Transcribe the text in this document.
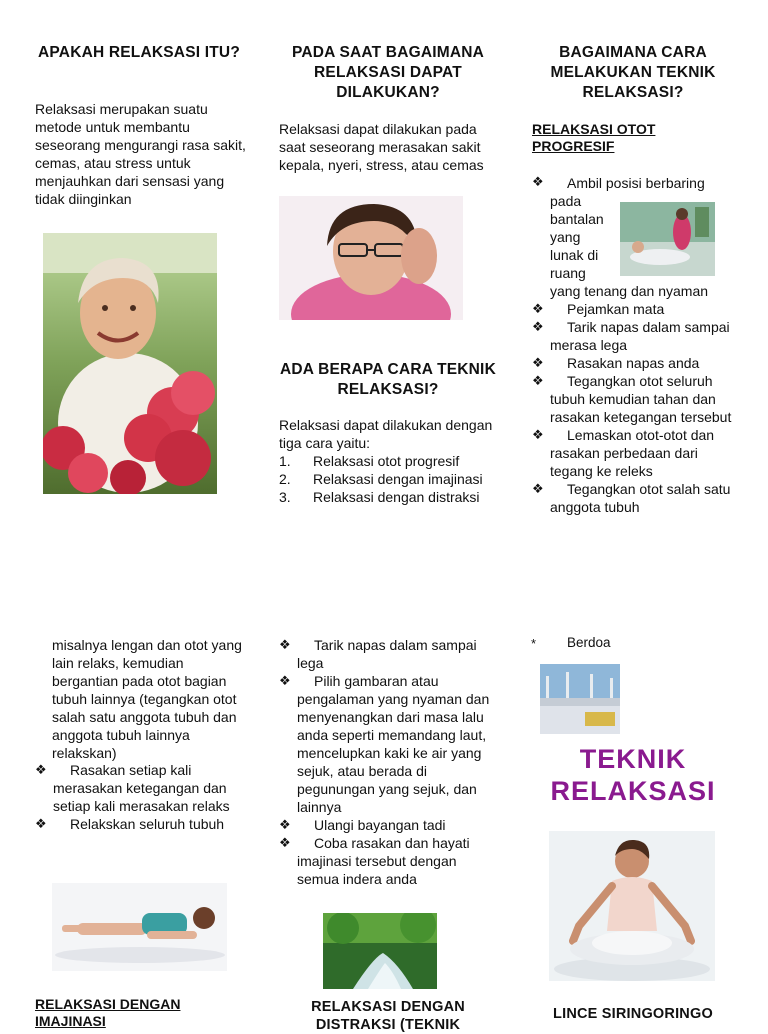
APAKAH RELAKSASI ITU?
Relaksasi merupakan suatu metode untuk membantu seseorang mengurangi rasa sakit, cemas, atau stress untuk menjauhkan dari sensasi yang tidak diinginkan
PADA SAAT BAGAIMANA RELAKSASI DAPAT DILAKUKAN?
Relaksasi dapat dilakukan pada saat seseorang merasakan sakit kepala, nyeri, stress, atau cemas
ADA BERAPA CARA TEKNIK RELAKSASI?
Relaksasi dapat dilakukan dengan tiga cara yaitu:
1. Relaksasi otot progresif
2. Relaksasi dengan imajinasi
3. Relaksasi dengan distraksi
BAGAIMANA CARA MELAKUKAN TEKNIK RELAKSASI?
RELAKSASI OTOT PROGRESIF
❖	Ambil posisi berbaring
pada
bantalan
yang
lunak di
ruang
yang tenang dan nyaman
❖ Pejamkan mata
❖ Tarik napas dalam sampai merasa lega
❖ Rasakan napas anda
❖ Tegangkan otot seluruh tubuh kemudian tahan dan rasakan ketegangan tersebut
❖ Lemaskan otot-otot dan rasakan perbedaan dari tegang ke releks
❖ Tegangkan otot salah satu anggota tubuh
misalnya lengan dan otot yang lain relaks, kemudian bergantian pada otot bagian tubuh lainnya (tegangkan otot salah satu anggota tubuh dan anggota tubuh lainnya relakskan)
❖ Rasakan setiap kali merasakan ketegangan dan setiap kali merasakan relaks
❖ Relakskan seluruh tubuh
RELAKSASI DENGAN IMAJINASI
❖ Tarik napas dalam sampai lega
❖ Pilih gambaran atau pengalaman yang nyaman dan menyenangkan dari masa lalu anda seperti memandang laut, mencelupkan kaki ke air yang sejuk, atau berada di pegunungan yang sejuk, dan lainnya
❖ Ulangi bayangan tadi
❖ Coba rasakan dan hayati imajinasi tersebut dengan semua indera anda
RELAKSASI DENGAN DISTRAKSI (TEKNIK
* Berdoa
TEKNIK
RELAKSASI
LINCE SIRINGORINGO
